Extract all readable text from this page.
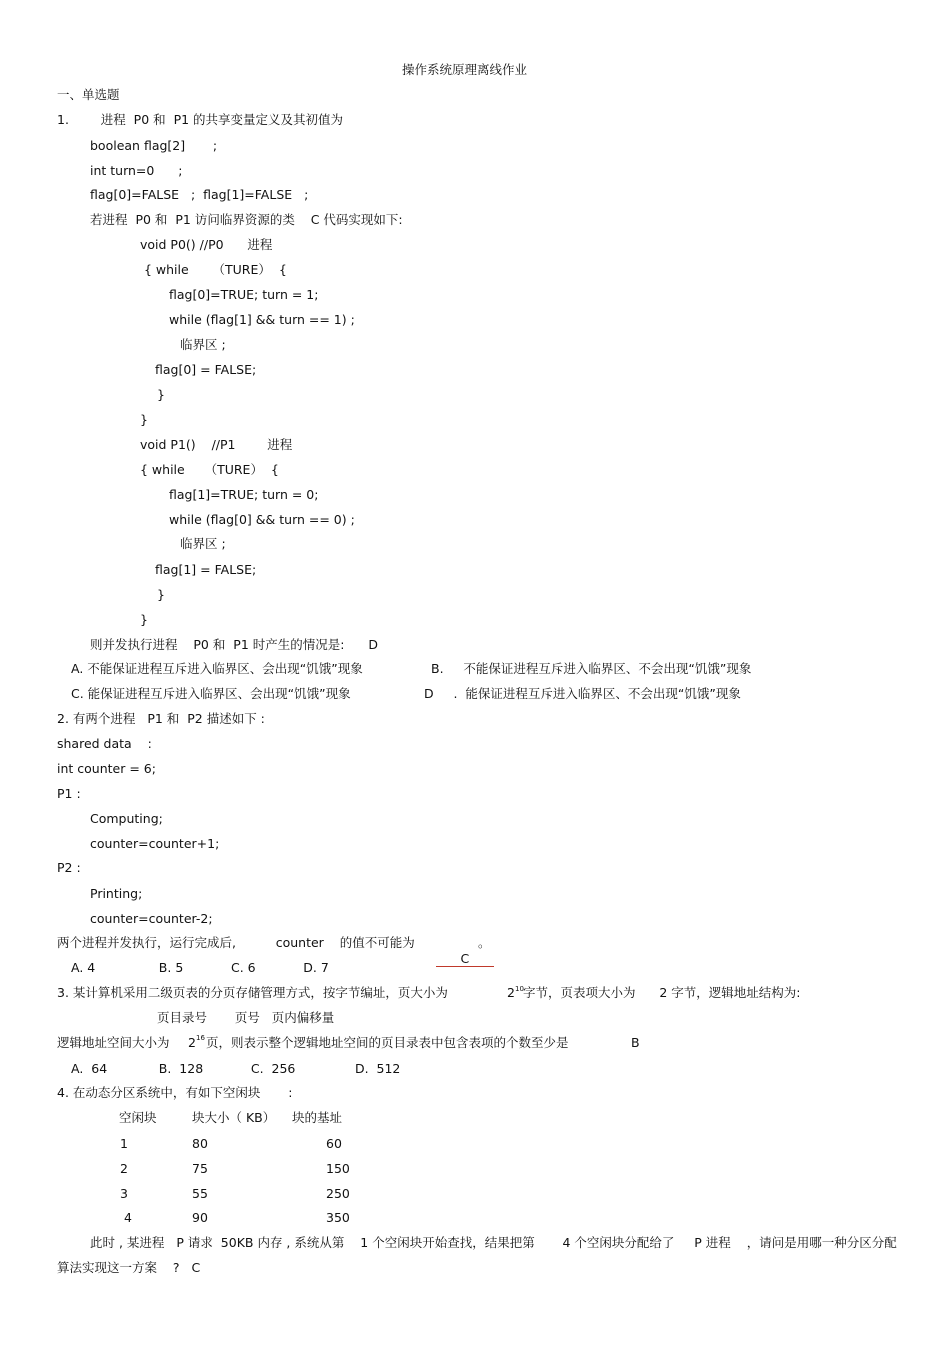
操作系统原理离线作业
一、单选题
1.        进程  P0 和  P1 的共享变量定义及其初值为
boolean flag[2]       ;
int turn=0      ;
flag[0]=FALSE   ;  flag[1]=FALSE   ;
若进程  P0 和  P1 访问临界资源的类    C 代码实现如下:
void P0() //P0      进程
{ while      （TURE）  {
flag[0]=TRUE; turn = 1;
while (flag[1] && turn == 1) ;
临界区 ;
flag[0] = FALSE;
}
}
void P1()    //P1        进程
{ while     （TURE）  {
flag[1]=TRUE; turn = 0;
while (flag[0] && turn == 0) ;
临界区 ;
flag[1] = FALSE;
}
}
则并发执行进程    P0 和  P1 时产生的情况是:      D
A. 不能保证进程互斥进入临界区、会出现“饥饿”现象	B.     不能保证进程互斥进入临界区、不会出现“饥饿”现象
C. 能保证进程互斥进入临界区、会出现“饥饿”现象	D     .  能保证进程互斥进入临界区、不会出现“饥饿”现象
2. 有两个进程   P1 和  P2 描述如下 :
shared data    :
int counter = 6;
P1 :
Computing;
counter=counter+1;
P2 :
Printing;
counter=counter-2;
两个进程并发执行，运行完成后,          counter    的值不可能为

C

。
A. 4                B. 5            C. 6            D. 7
3. 某计算机采用二级页表的分页存储管理方式，按字节编址，页大小为	2 10 字节，页表项大小为      2 字节，逻辑地址结构为:
页目录号       页号   页内偏移量
逻辑地址空间大小为 2 16 页，则表示整个逻辑地址空间的页目录表中包含表项的个数至少是	B
A.  64             B.  128            C.  256               D.  512
4. 在动态分区系统中，有如下空闲块       :
空闲块	块大小（ KB） 块的基址
1	80	60
2	75	150
3	55	250
4	90	350
此时 , 某进程   P 请求  50KB 内存 , 系统从第    1 个空闲块开始查找，结果把第       4 个空闲块分配给了     P 进程    ，请问是用哪一种分区分配
算法实现这一方案    ?   C
